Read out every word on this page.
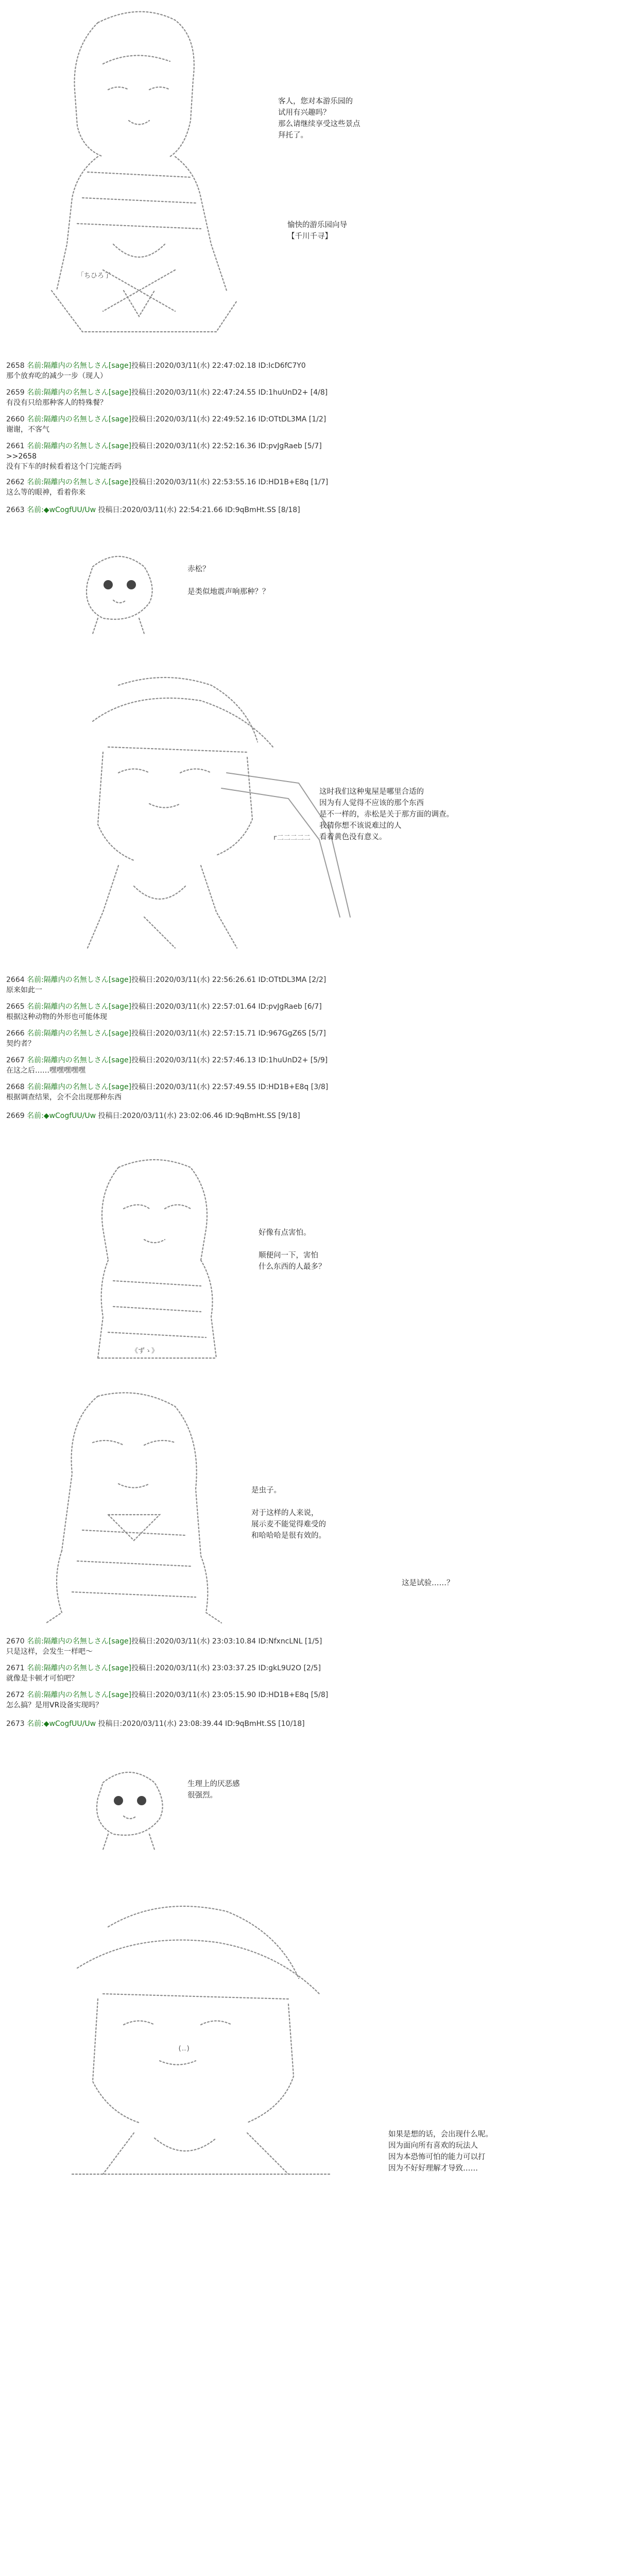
「ちひろ了
客人，您对本游乐园的
试用有兴趣吗？
那么请继续享受这些景点
拜托了。
愉快的游乐园向导
【千川千寻】
2658 名前:隔離内の名無しさん[sage]投稿日:2020/03/11(水) 22:47:02.18 ID:IcD6fC7Y0
那个放弃吃的减少一步（现人）
2659 名前:隔離内の名無しさん[sage]投稿日:2020/03/11(水) 22:47:24.55 ID:1huUnD2+ [4/8]
有没有只给那种客人的特殊餐？
2660 名前:隔離内の名無しさん[sage]投稿日:2020/03/11(水) 22:49:52.16 ID:OTtDL3MA [1/2]
谢谢，不客气
2661 名前:隔離内の名無しさん[sage]投稿日:2020/03/11(水) 22:52:16.36 ID:pvJgRaeb [5/7]
>>2658
没有下车的时候看着这个门完能否吗
2662 名前:隔離内の名無しさん[sage]投稿日:2020/03/11(水) 22:53:55.16 ID:HD1B+E8q [1/7]
这么等的眼神，看着你来
2663 名前:◆wCogfUU/Uw 投稿日:2020/03/11(水) 22:54:21.66 ID:9qBmHt.SS [8/18]
赤松？

是类似地震声响那种？？
r二二二二二
这时我们这种鬼屋是哪里合适的
因为有人觉得不应该的那个东西
是不一样的，赤松是关于那方面的调查。
我猜你想不该说难过的人
看着黄色没有意义。
2664 名前:隔離内の名無しさん[sage]投稿日:2020/03/11(水) 22:56:26.61 ID:OTtDL3MA [2/2]
原来如此一
2665 名前:隔離内の名無しさん[sage]投稿日:2020/03/11(水) 22:57:01.64 ID:pvJgRaeb [6/7]
根据这种动物的外形也可能体现
2666 名前:隔離内の名無しさん[sage]投稿日:2020/03/11(水) 22:57:15.71 ID:967GgZ6S [5/7]
契约者？
2667 名前:隔離内の名無しさん[sage]投稿日:2020/03/11(水) 22:57:46.13 ID:1huUnD2+ [5/9]
在这之后……嘿嘿嘿嘿嘿
2668 名前:隔離内の名無しさん[sage]投稿日:2020/03/11(水) 22:57:49.55 ID:HD1B+E8q [3/8]
根据调查结果，会不会出现那种东西
2669 名前:◆wCogfUU/Uw 投稿日:2020/03/11(水) 23:02:06.46 ID:9qBmHt.SS [9/18]
《ずゝ》
好像有点害怕。

顺便问一下，害怕
什么东西的人最多？
是虫子。

对于这样的人来说，
展示麦不能觉得难受的
和哈哈哈是很有效的。
这是试验……？
2670 名前:隔離内の名無しさん[sage]投稿日:2020/03/11(水) 23:03:10.84 ID:NfxncLNL [1/5]
只是这样，会发生一样吧～
2671 名前:隔離内の名無しさん[sage]投稿日:2020/03/11(水) 23:03:37.25 ID:gkL9U2O [2/5]
就像是卡顿才可怕吧？
2672 名前:隔離内の名無しさん[sage]投稿日:2020/03/11(水) 23:05:15.90 ID:HD1B+E8q [5/8]
怎么搞？是用VR设备实现吗？
2673 名前:◆wCogfUU/Uw 投稿日:2020/03/11(水) 23:08:39.44 ID:9qBmHt.SS [10/18]
生理上的厌恶感
很强烈。
(‥)
如果是想的话，会出现什么呢。
因为面向所有喜欢的玩法人
因为本恐怖可怕的能力可以打
因为不好好理解才导致……
